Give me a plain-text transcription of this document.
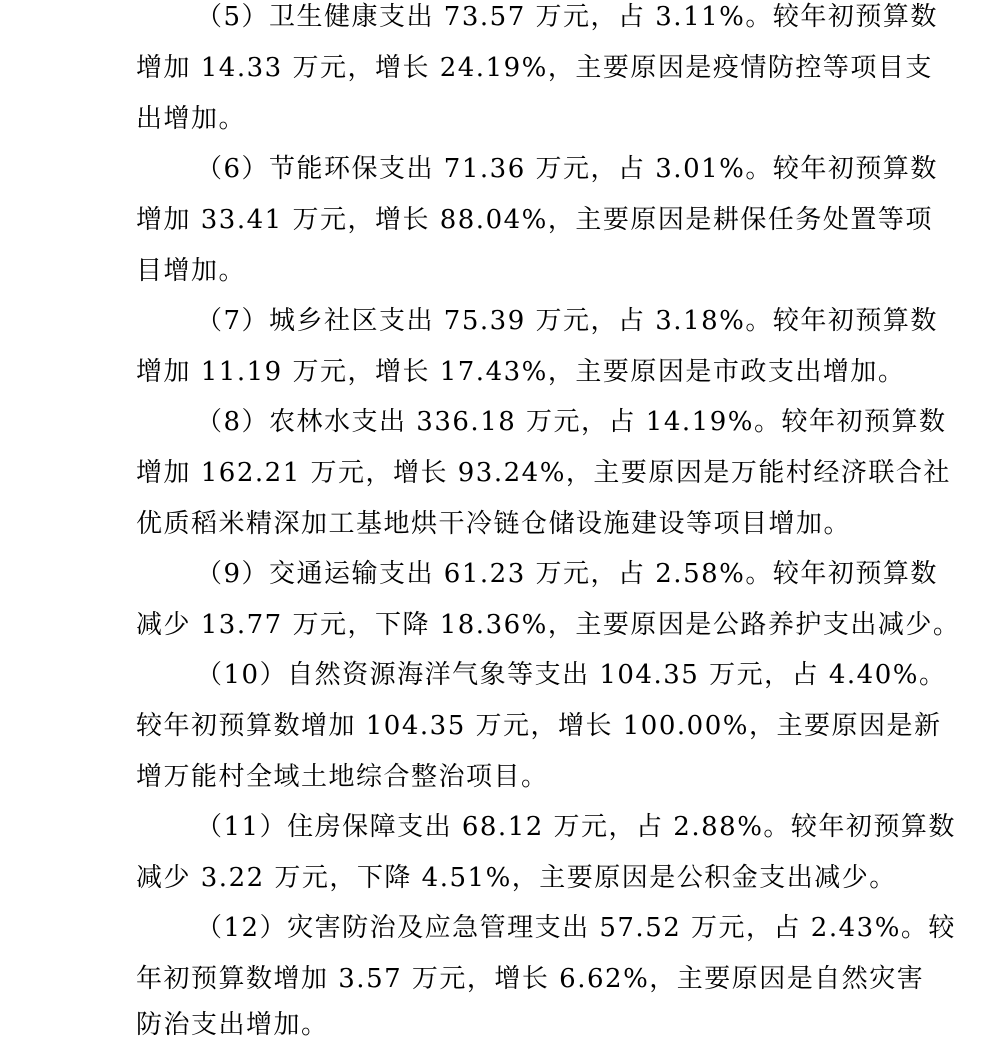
（5）卫生健康支出 73.57 万元，占 3.11%。较年初预算数
增加 14.33 万元，增长 24.19%，主要原因是疫情防控等项目支
出增加。
（6）节能环保支出 71.36 万元，占 3.01%。较年初预算数
增加 33.41 万元，增长 88.04%，主要原因是耕保任务处置等项
目增加。
（7）城乡社区支出 75.39 万元，占 3.18%。较年初预算数
增加 11.19 万元，增长 17.43%，主要原因是市政支出增加。
（8）农林水支出 336.18 万元，占 14.19%。较年初预算数
增加 162.21 万元，增长 93.24%，主要原因是万能村经济联合社
优质稻米精深加工基地烘干冷链仓储设施建设等项目增加。
（9）交通运输支出 61.23 万元，占 2.58%。较年初预算数
减少 13.77 万元，下降 18.36%，主要原因是公路养护支出减少。
（10）自然资源海洋气象等支出 104.35 万元，占 4.40%。
较年初预算数增加 104.35 万元，增长 100.00%，主要原因是新
增万能村全域土地综合整治项目。
（11）住房保障支出 68.12 万元，占 2.88%。较年初预算数
减少 3.22 万元，下降 4.51%，主要原因是公积金支出减少。
（12）灾害防治及应急管理支出 57.52 万元，占 2.43%。较
年初预算数增加 3.57 万元，增长 6.62%，主要原因是自然灾害
防治支出增加。
